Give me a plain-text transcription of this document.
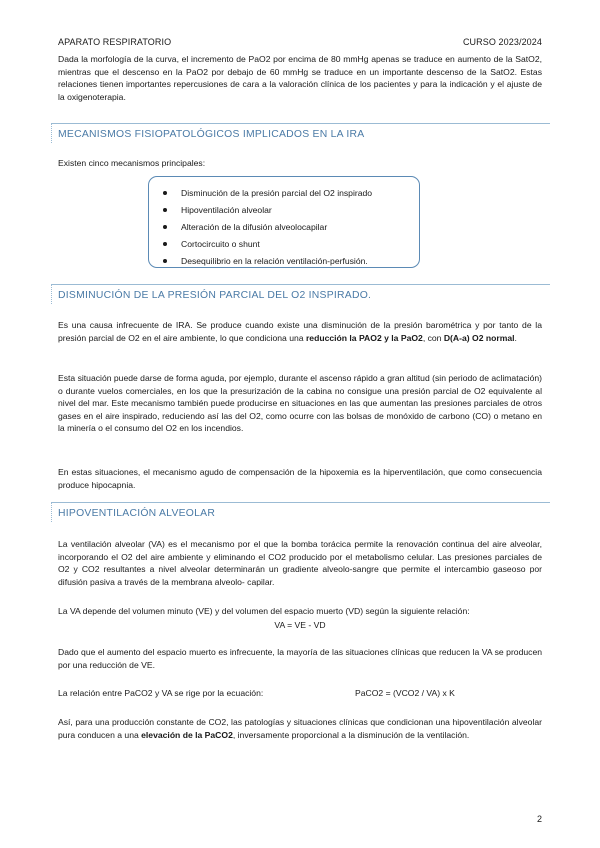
APARATO RESPIRATORIO	CURSO 2023/2024

Dada la morfología de la curva, el incremento de PaO2 por encima de 80 mmHg apenas se traduce en aumento de la SatO2, mientras que el descenso en la PaO2 por debajo de 60 mmHg se traduce en un importante descenso de la SatO2. Estas relaciones tienen importantes repercusiones de cara a la valoración clínica de los pacientes y para la indicación y el ajuste de la oxigenoterapia.

MECANISMOS FISIOPATOLÓGICOS IMPLICADOS EN LA IRA

Existen cinco mecanismos principales:

Disminución de la presión parcial del O2 inspirado
Hipoventilación alveolar
Alteración de la difusión alveolocapilar
Cortocircuito o shunt
Desequilibrio en la relación ventilación-perfusión.
DISMINUCIÓN DE LA PRESIÓN PARCIAL DEL O2 INSPIRADO.

Es una causa infrecuente de IRA. Se produce cuando existe una disminución de la presión barométrica y por tanto de la presión parcial de O2 en el aire ambiente, lo que condiciona una reducción la PAO2 y la PaO2, con D(A-a) O2 normal.

Esta situación puede darse de forma aguda, por ejemplo, durante el ascenso rápido a gran altitud (sin periodo de aclimatación) o durante vuelos comerciales, en los que la presurización de la cabina no consigue una presión parcial de O2 equivalente al nivel del mar. Este mecanismo también puede producirse en situaciones en las que aumentan las presiones parciales de otros gases en el aire inspirado, reduciendo así las del O2, como ocurre con las bolsas de monóxido de carbono (CO) o metano en la minería o el consumo del O2 en los incendios.

En estas situaciones, el mecanismo agudo de compensación de la hipoxemia es la hiperventilación, que como consecuencia produce hipocapnia.

HIPOVENTILACIÓN ALVEOLAR

La ventilación alveolar (VA) es el mecanismo por el que la bomba torácica permite la renovación continua del aire alveolar, incorporando el O2 del aire ambiente y eliminando el CO2 producido por el metabolismo celular. Las presiones parciales de O2 y CO2 resultantes a nivel alveolar determinarán un gradiente alveolo-sangre que permite el intercambio gaseoso por difusión pasiva a través de la membrana alveolo- capilar.

La VA depende del volumen minuto (VE) y del volumen del espacio muerto (VD) según la siguiente relación:

VA = VE - VD

Dado que el aumento del espacio muerto es infrecuente, la mayoría de las situaciones clínicas que reducen la VA se producen por una reducción de VE.

La relación entre PaCO2 y VA se rige por la ecuación:	PaCO2 = (VCO2 / VA) x K

Así, para una producción constante de CO2, las patologías y situaciones clínicas que condicionan una hipoventilación alveolar pura conducen a una elevación de la PaCO2, inversamente proporcional a la disminución de la ventilación.

2
